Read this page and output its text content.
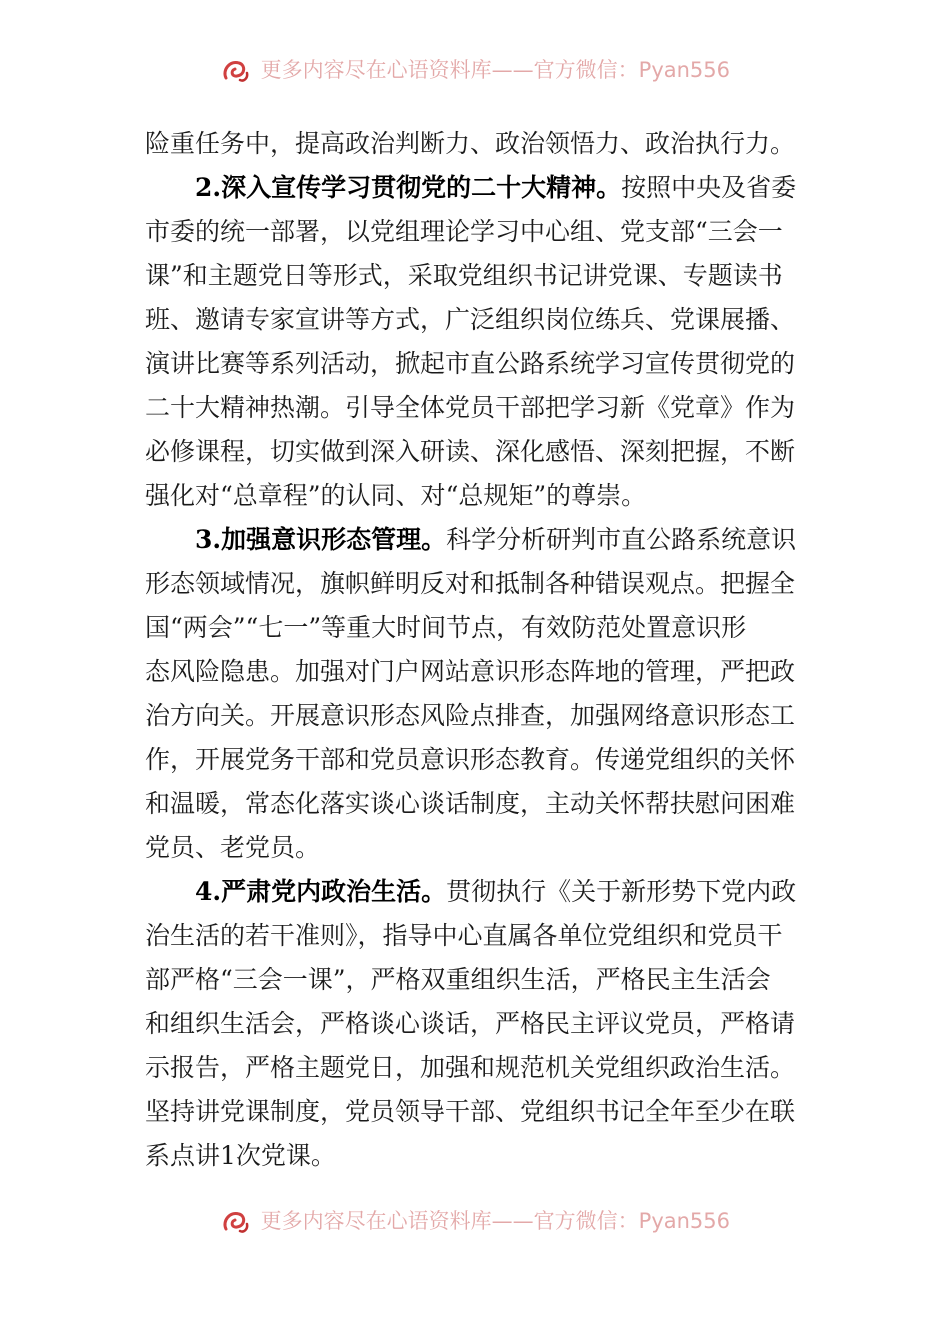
更多内容尽在心语资料库——官方微信：Pyan556
险重任务中，提高政治判断力、政治领悟力、政治执行力。
2.深入宣传学习贯彻党的二十大精神。按照中央及省委
市委的统一部署，以党组理论学习中心组、党支部“三会一
课”和主题党日等形式，采取党组织书记讲党课、专题读书
班、邀请专家宣讲等方式，广泛组织岗位练兵、党课展播、
演讲比赛等系列活动，掀起市直公路系统学习宣传贯彻党的
二十大精神热潮。引导全体党员干部把学习新《党章》作为
必修课程，切实做到深入研读、深化感悟、深刻把握，不断
强化对“总章程”的认同、对“总规矩”的尊崇。
3.加强意识形态管理。科学分析研判市直公路系统意识
形态领域情况，旗帜鲜明反对和抵制各种错误观点。把握全
国“两会”“七一”等重大时间节点，有效防范处置意识形
态风险隐患。加强对门户网站意识形态阵地的管理，严把政
治方向关。开展意识形态风险点排查，加强网络意识形态工
作，开展党务干部和党员意识形态教育。传递党组织的关怀
和温暖，常态化落实谈心谈话制度，主动关怀帮扶慰问困难
党员、老党员。
4.严肃党内政治生活。贯彻执行《关于新形势下党内政
治生活的若干准则》，指导中心直属各单位党组织和党员干
部严格“三会一课”，严格双重组织生活，严格民主生活会
和组织生活会，严格谈心谈话，严格民主评议党员，严格请
示报告，严格主题党日，加强和规范机关党组织政治生活。
坚持讲党课制度，党员领导干部、党组织书记全年至少在联
系点讲1次党课。
更多内容尽在心语资料库——官方微信：Pyan556
